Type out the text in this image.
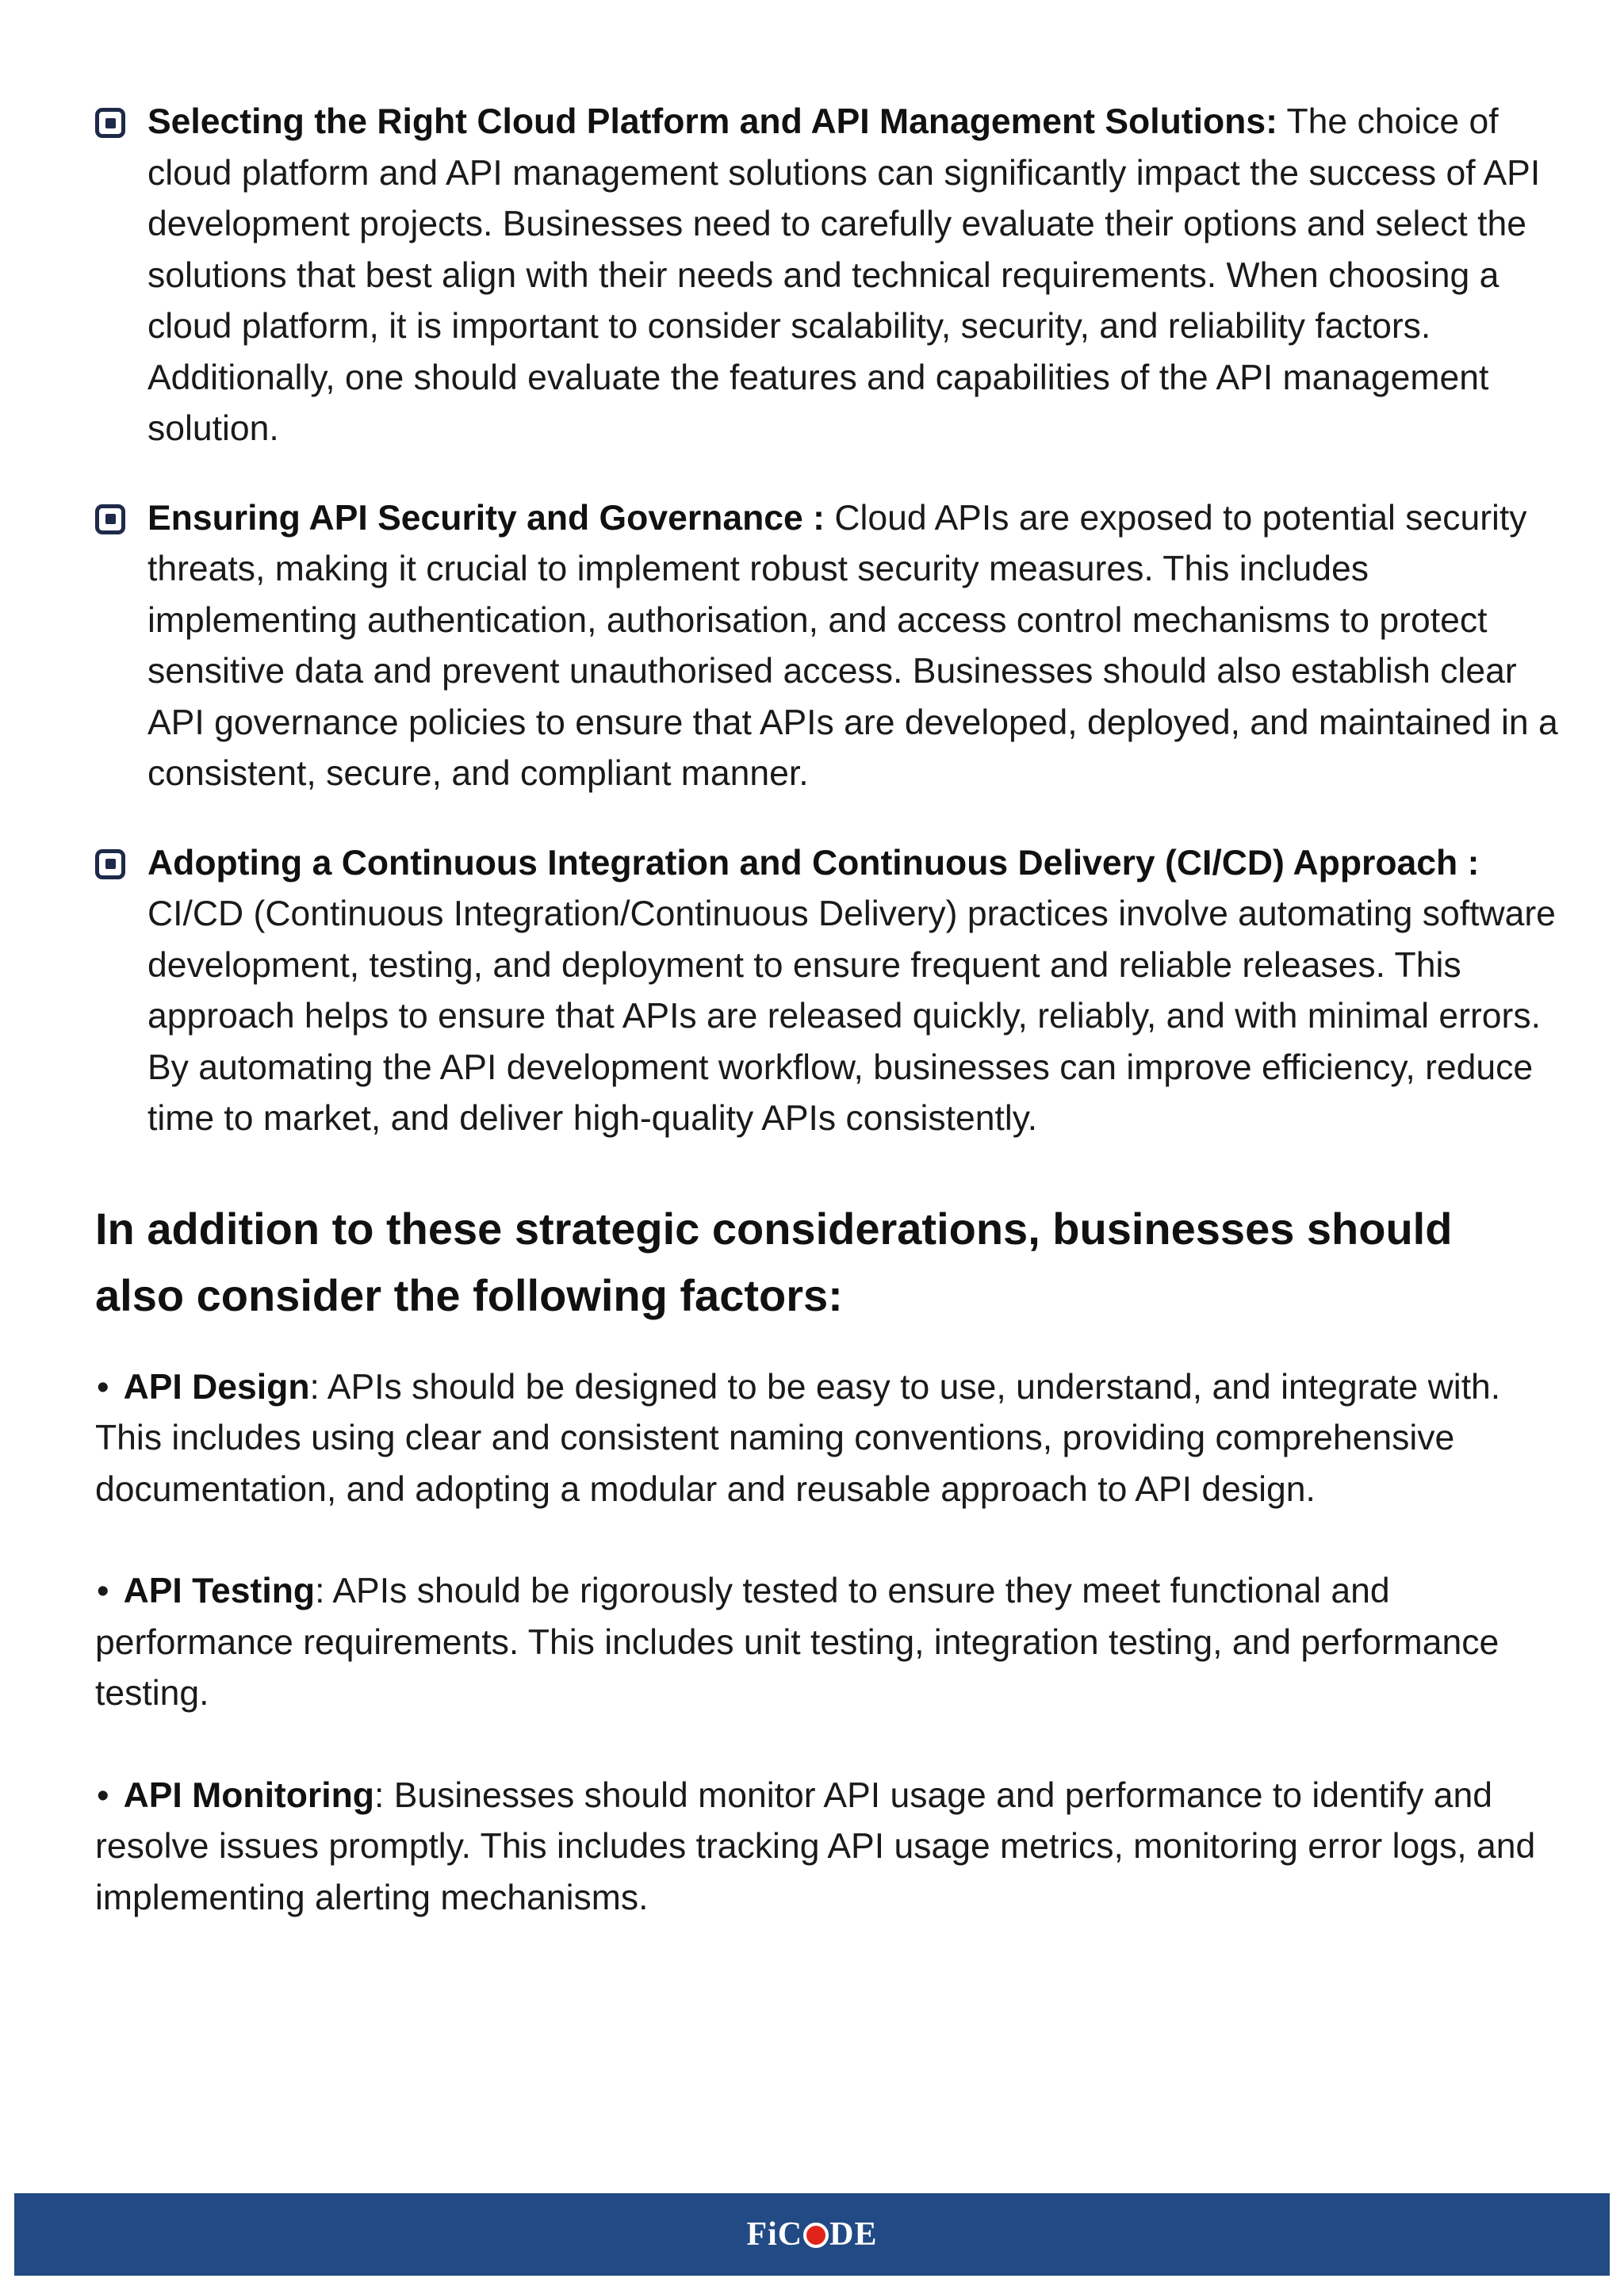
Selecting the Right Cloud Platform and API Management Solutions: The choice of cloud platform and API management solutions can significantly impact the success of API development projects. Businesses need to carefully evaluate their options and select the solutions that best align with their needs and technical requirements. When choosing a cloud platform, it is important to consider scalability, security, and reliability factors. Additionally, one should evaluate the features and capabilities of the API management solution.
Ensuring API Security and Governance : Cloud APIs are exposed to potential security threats, making it crucial to implement robust security measures. This includes implementing authentication, authorisation, and access control mechanisms to protect sensitive data and prevent unauthorised access. Businesses should also establish clear API governance policies to ensure that APIs are developed, deployed, and maintained in a consistent, secure, and compliant manner.
Adopting a Continuous Integration and Continuous Delivery (CI/CD) Approach : CI/CD (Continuous Integration/Continuous Delivery) practices involve automating software development, testing, and deployment to ensure frequent and reliable releases. This approach helps to ensure that APIs are released quickly, reliably, and with minimal errors. By automating the API development workflow, businesses can improve efficiency, reduce time to market, and deliver high-quality APIs consistently.
In addition to these strategic considerations, businesses should also consider the following factors:

• API Design: APIs should be designed to be easy to use, understand, and integrate with. This includes using clear and consistent naming conventions, providing comprehensive documentation, and adopting a modular and reusable approach to API design.

• API Testing: APIs should be rigorously tested to ensure they meet functional and performance requirements. This includes unit testing, integration testing, and performance testing.

• API Monitoring: Businesses should monitor API usage and performance to identify and resolve issues promptly. This includes tracking API usage metrics, monitoring error logs, and implementing alerting mechanisms.

FiC DE
